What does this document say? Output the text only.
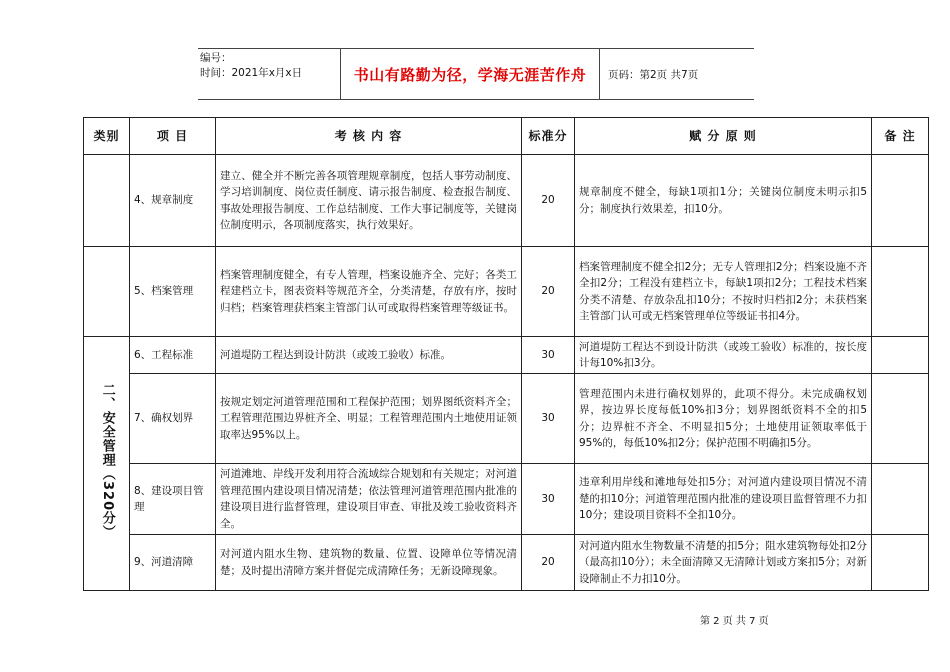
编号：
时间：2021年x月x日	书山有路勤为径，学海无涯苦作舟	页码：第2页 共7页
类别	项 目	考 核 内 容	标准分	赋 分 原 则	备 注
	4、规章制度	建立、健全并不断完善各项管理规章制度，包括人事劳动制度、学习培训制度、岗位责任制度、请示报告制度、检查报告制度、事故处理报告制度、工作总结制度、工作大事记制度等，关键岗位制度明示，各项制度落实，执行效果好。	20	规章制度不健全，每缺1项扣1分；关键岗位制度未明示扣5分；制度执行效果差，扣10分。	
	5、档案管理	档案管理制度健全，有专人管理，档案设施齐全、完好；各类工程建档立卡，图表资料等规范齐全，分类清楚，存放有序，按时归档；档案管理获档案主管部门认可或取得档案管理等级证书。	20	档案管理制度不健全扣2分；无专人管理扣2分；档案设施不齐全扣2分；工程没有建档立卡，每缺1项扣2分；工程技术档案分类不清楚、存放杂乱扣10分；不按时归档扣2分；未获档案主管部门认可或无档案管理单位等级证书扣4分。	
二、安全管理（320分）	6、工程标准	河道堤防工程达到设计防洪（或竣工验收）标准。	30	河道堤防工程达不到设计防洪（或竣工验收）标准的，按长度计每10%扣3分。	
	7、确权划界	按规定划定河道管理范围和工程保护范围；划界图纸资料齐全；工程管理范围边界桩齐全、明显；工程管理范围内土地使用证领取率达95%以上。	30	管理范围内未进行确权划界的，此项不得分。未完成确权划界，按边界长度每低10%扣3分；划界图纸资料不全的扣5分；边界桩不齐全、不明显扣5分；土地使用证领取率低于95%的，每低10%扣2分；保护范围不明确扣5分。	
	8、建设项目管理	河道滩地、岸线开发利用符合流域综合规划和有关规定；对河道管理范围内建设项目情况清楚；依法管理河道管理范围内批准的建设项目进行监督管理，建设项目审查、审批及竣工验收资料齐全。	30	违章利用岸线和滩地每处扣5分；对河道内建设项目情况不清楚的扣10分；河道管理范围内批准的建设项目监督管理不力扣10分；建设项目资料不全扣10分。	
	9、河道清障	对河道内阻水生物、建筑物的数量、位置、设障单位等情况清楚；及时提出清障方案并督促完成清障任务；无新设障现象。	20	对河道内阻水生物数量不清楚的扣5分；阻水建筑物每处扣2分（最高扣10分）；未全面清障又无清障计划或方案扣5分；对新设障制止不力扣10分。	
第 2 页 共 7 页
